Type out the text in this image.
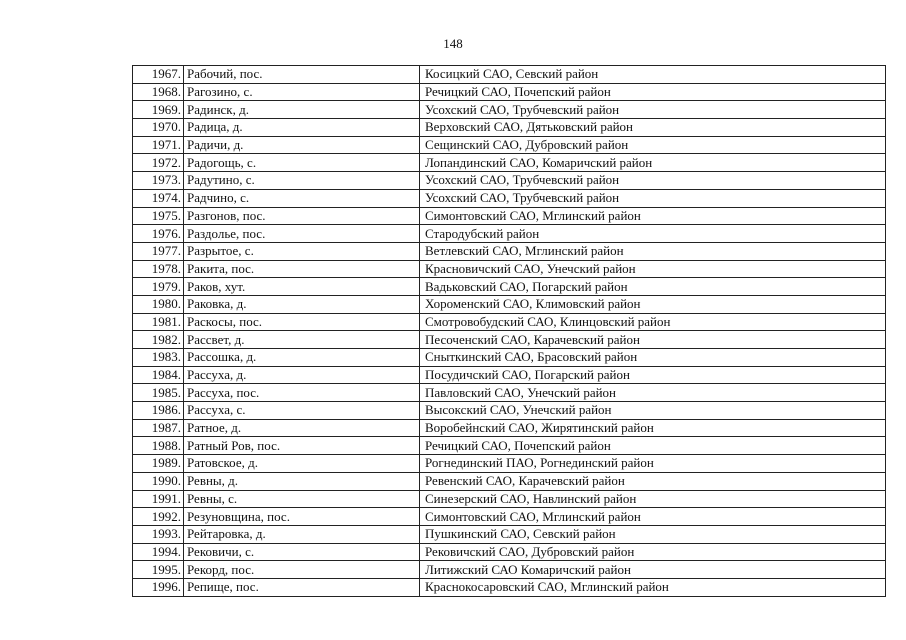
148
1967.	Рабочий, пос.	Косицкий САО, Севский район
1968.	Рагозино, с.	Речицкий САО, Почепский район
1969.	Радинск, д.	Усохский САО, Трубчевский район
1970.	Радица, д.	Верховский САО, Дятьковский район
1971.	Радичи, д.	Сещинский САО, Дубровский район
1972.	Радогощь, с.	Лопандинский САО, Комаричский район
1973.	Радутино, с.	Усохский САО, Трубчевский район
1974.	Радчино, с.	Усохский САО, Трубчевский район
1975.	Разгонов, пос.	Симонтовский САО, Мглинский район
1976.	Раздолье, пос.	Стародубский район
1977.	Разрытое, с.	Ветлевский САО, Мглинский район
1978.	Ракита, пос.	Красновичский САО, Унечский район
1979.	Раков, хут.	Вадьковский САО, Погарский район
1980.	Раковка, д.	Хороменский САО, Климовский район
1981.	Раскосы, пос.	Смотровобудский САО, Клинцовский район
1982.	Рассвет, д.	Песоченский САО, Карачевский район
1983.	Рассошка, д.	Сныткинский САО, Брасовский район
1984.	Рассуха, д.	Посудичский САО, Погарский район
1985.	Рассуха, пос.	Павловский САО, Унечский район
1986.	Рассуха, с.	Высокский САО, Унечский район
1987.	Ратное, д.	Воробейнский САО, Жирятинский район
1988.	Ратный Ров, пос.	Речицкий САО, Почепский район
1989.	Ратовское, д.	Рогнединский ПАО, Рогнединский район
1990.	Ревны, д.	Ревенский САО, Карачевский район
1991.	Ревны, с.	Синезерский САО, Навлинский район
1992.	Резуновщина, пос.	Симонтовский САО, Мглинский район
1993.	Рейтаровка, д.	Пушкинский САО, Севский район
1994.	Рековичи, с.	Рековичский САО, Дубровский район
1995.	Рекорд, пос.	Литижский САО Комаричский район
1996.	Репище, пос.	Краснокосаровский САО, Мглинский район
